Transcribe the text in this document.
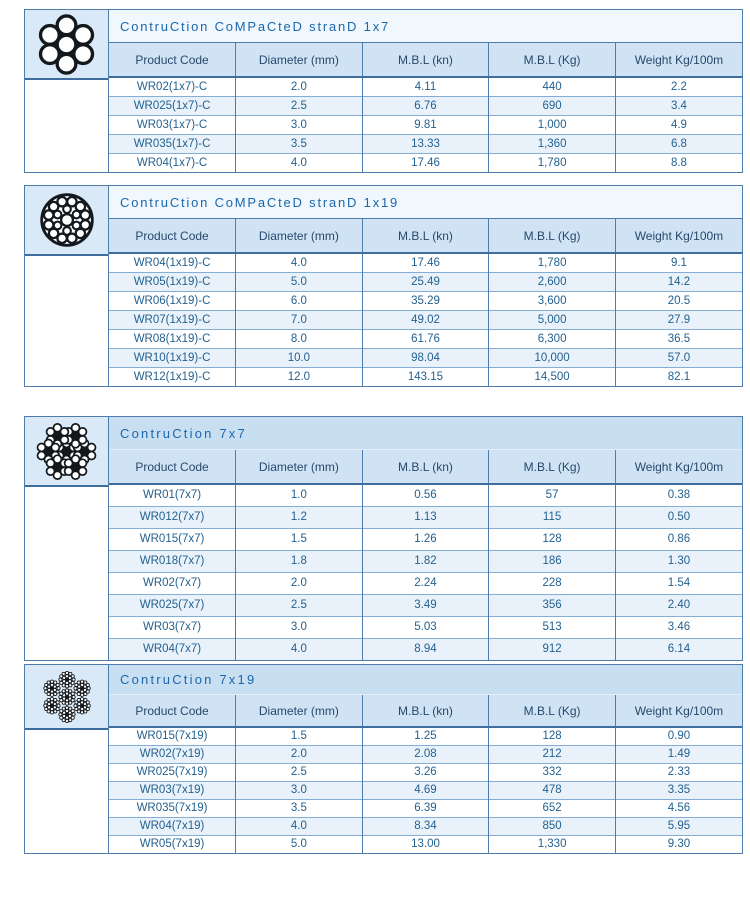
ContruCtion CoMPaCteD stranD 1x7
Product Code	Diameter (mm)	M.B.L (kn)	M.B.L (Kg)	Weight Kg/100m
WR02(1x7)-C	2.0	4.11	440	2.2
WR025(1x7)-C	2.5	6.76	690	3.4
WR03(1x7)-C	3.0	9.81	1,000	4.9
WR035(1x7)-C	3.5	13.33	1,360	6.8
WR04(1x7)-C	4.0	17.46	1,780	8.8
ContruCtion CoMPaCteD stranD 1x19
Product Code	Diameter (mm)	M.B.L (kn)	M.B.L (Kg)	Weight Kg/100m
WR04(1x19)-C	4.0	17.46	1,780	9.1
WR05(1x19)-C	5.0	25.49	2,600	14.2
WR06(1x19)-C	6.0	35.29	3,600	20.5
WR07(1x19)-C	7.0	49.02	5,000	27.9
WR08(1x19)-C	8.0	61.76	6,300	36.5
WR10(1x19)-C	10.0	98.04	10,000	57.0
WR12(1x19)-C	12.0	143.15	14,500	82.1
ContruCtion 7x7
Product Code	Diameter (mm)	M.B.L (kn)	M.B.L (Kg)	Weight Kg/100m
WR01(7x7)	1.0	0.56	57	0.38
WR012(7x7)	1.2	1.13	115	0.50
WR015(7x7)	1.5	1.26	128	0.86
WR018(7x7)	1.8	1.82	186	1.30
WR02(7x7)	2.0	2.24	228	1.54
WR025(7x7)	2.5	3.49	356	2.40
WR03(7x7)	3.0	5.03	513	3.46
WR04(7x7)	4.0	8.94	912	6.14
ContruCtion 7x19
Product Code	Diameter (mm)	M.B.L (kn)	M.B.L (Kg)	Weight Kg/100m
WR015(7x19)	1.5	1.25	128	0.90
WR02(7x19)	2.0	2.08	212	1.49
WR025(7x19)	2.5	3.26	332	2.33
WR03(7x19)	3.0	4.69	478	3.35
WR035(7x19)	3.5	6.39	652	4.56
WR04(7x19)	4.0	8.34	850	5.95
WR05(7x19)	5.0	13.00	1,330	9.30
